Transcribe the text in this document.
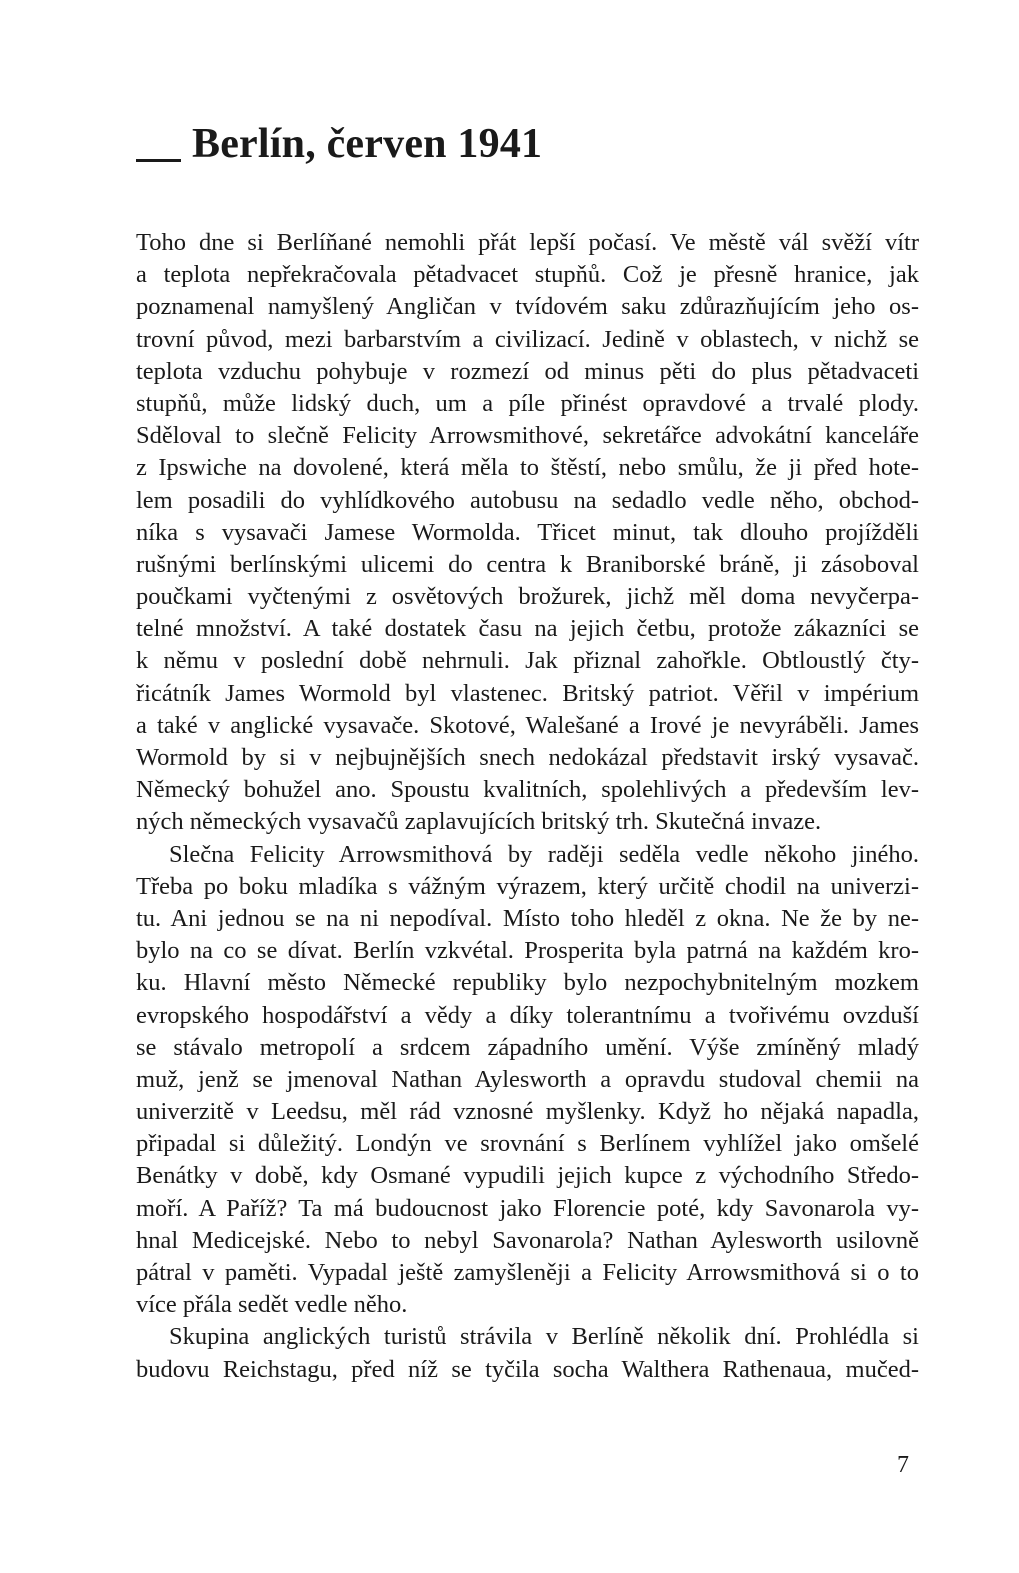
Berlín, červen 1941
Toho dne si Berlíňané nemohli přát lepší počasí. Ve městě vál svěží vítr
a teplota nepřekračovala pětadvacet stupňů. Což je přesně hranice, jak
poznamenal namyšlený Angličan v tvídovém saku zdůrazňujícím jeho os-
trovní původ, mezi barbarstvím a civilizací. Jedině v oblastech, v nichž se
teplota vzduchu pohybuje v rozmezí od minus pěti do plus pětadvaceti
stupňů, může lidský duch, um a píle přinést opravdové a trvalé plody.
Sděloval to slečně Felicity Arrowsmithové, sekretářce advokátní kanceláře
z Ipswiche na dovolené, která měla to štěstí, nebo smůlu, že ji před hote-
lem posadili do vyhlídkového autobusu na sedadlo vedle něho, obchod-
níka s vysavači Jamese Wormolda. Třicet minut, tak dlouho projížděli
rušnými berlínskými ulicemi do centra k Braniborské bráně, ji zásoboval
poučkami vyčtenými z osvětových brožurek, jichž měl doma nevyčerpa-
telné množství. A také dostatek času na jejich četbu, protože zákazníci se
k němu v poslední době nehrnuli. Jak přiznal zahořkle. Obtloustlý čty-
řicátník James Wormold byl vlastenec. Britský patriot. Věřil v impérium
a také v anglické vysavače. Skotové, Walešané a Irové je nevyráběli. James
Wormold by si v nejbujnějších snech nedokázal představit irský vysavač.
Německý bohužel ano. Spoustu kvalitních, spolehlivých a především lev-
ných německých vysavačů zaplavujících britský trh. Skutečná invaze.
Slečna Felicity Arrowsmithová by raději seděla vedle někoho jiného.
Třeba po boku mladíka s vážným výrazem, který určitě chodil na univerzi-
tu. Ani jednou se na ni nepodíval. Místo toho hleděl z okna. Ne že by ne-
bylo na co se dívat. Berlín vzkvétal. Prosperita byla patrná na každém kro-
ku. Hlavní město Německé republiky bylo nezpochybnitelným mozkem
evropského hospodářství a vědy a díky tolerantnímu a tvořivému ovzduší
se stávalo metropolí a srdcem západního umění. Výše zmíněný mladý
muž, jenž se jmenoval Nathan Aylesworth a opravdu studoval chemii na
univerzitě v Leedsu, měl rád vznosné myšlenky. Když ho nějaká napadla,
připadal si důležitý. Londýn ve srovnání s Berlínem vyhlížel jako omšelé
Benátky v době, kdy Osmané vypudili jejich kupce z východního Středo-
moří. A Paříž? Ta má budoucnost jako Florencie poté, kdy Savonarola vy-
hnal Medicejské. Nebo to nebyl Savonarola? Nathan Aylesworth usilovně
pátral v paměti. Vypadal ještě zamyšleněji a Felicity Arrowsmithová si o to
více přála sedět vedle něho.
Skupina anglických turistů strávila v Berlíně několik dní. Prohlédla si
budovu Reichstagu, před níž se tyčila socha Walthera Rathenaua, mučed-
7
